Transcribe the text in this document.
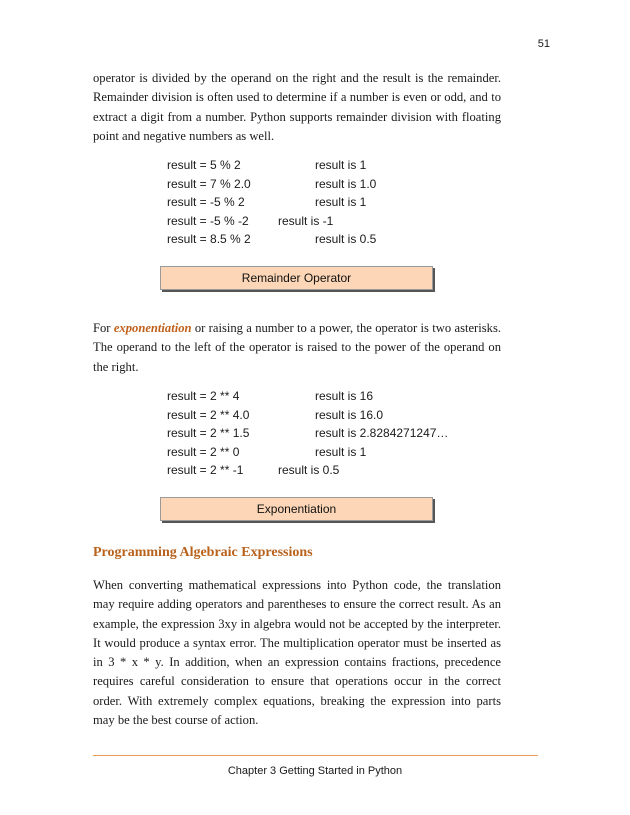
51

operator is divided by the operand on the right and the result is the remainder. Remainder division is often used to determine if a number is even or odd, and to extract a digit from a number. Python supports remainder division with floating point and negative numbers as well.

result = 5 % 2	result is 1
result = 7 % 2.0	result is 1.0
result = -5 % 2	result is 1
result = -5 % -2 result is -1
result = 8.5 % 2	result is 0.5
Remainder Operator

For exponentiation or raising a number to a power, the operator is two asterisks. The operand to the left of the operator is raised to the power of the operand on the right.

result = 2 ** 4	result is 16
result = 2 ** 4.0	result is 16.0
result = 2 ** 1.5	result is 2.8284271247…
result = 2 ** 0	result is 1
result = 2 ** -1	result is 0.5
Exponentiation
Programming Algebraic Expressions

When converting mathematical expressions into Python code, the translation may require adding operators and parentheses to ensure the correct result. As an example, the expression 3xy in algebra would not be accepted by the interpreter. It would produce a syntax error. The multiplication operator must be inserted as in 3 * x * y. In addition, when an expression contains fractions, precedence requires careful consideration to ensure that operations occur in the correct order. With extremely complex equations, breaking the expression into parts may be the best course of action.

Chapter 3 Getting Started in Python
